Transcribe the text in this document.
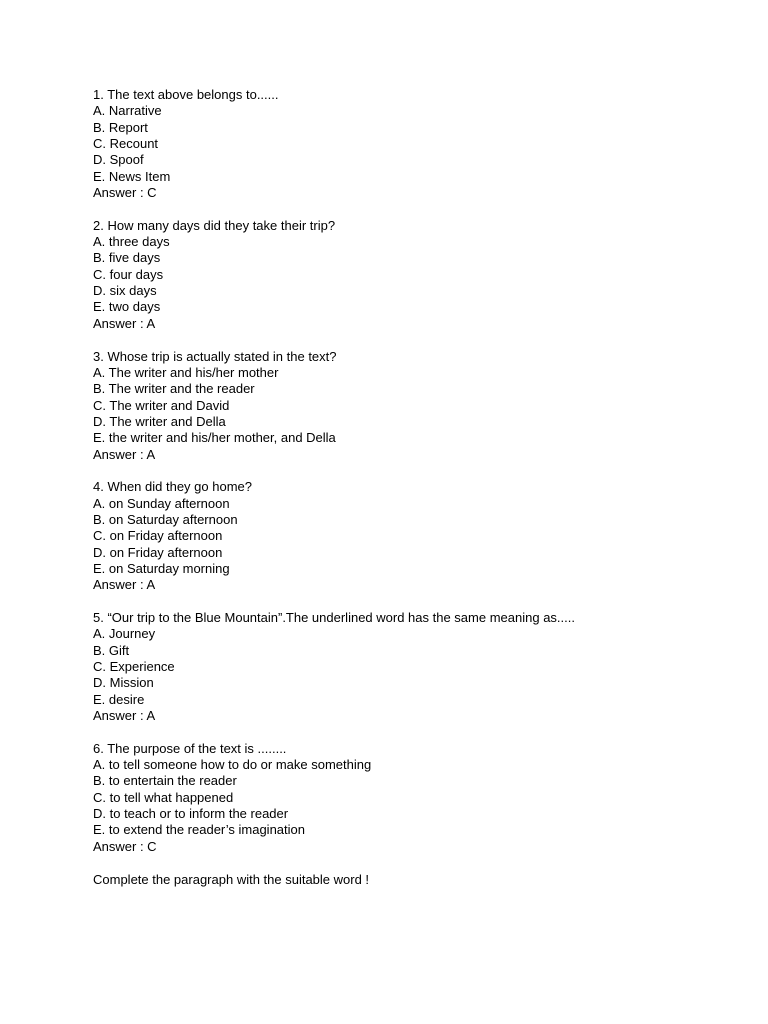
1. The text above belongs to......
A. Narrative
B. Report
C. Recount
D. Spoof
E. News Item
Answer : C
2. How many days did they take their trip?
A. three days
B. five days
C. four days
D. six days
E. two days
Answer : A
3. Whose trip is actually stated in the text?
A. The writer and his/her mother
B. The writer and the reader
C. The writer and David
D. The writer and Della
E. the writer and his/her mother, and Della
Answer : A
4. When did they go home?
A. on Sunday afternoon
B. on Saturday afternoon
C. on Friday afternoon
D. on Friday afternoon
E. on Saturday morning
Answer : A
5. “Our trip to the Blue Mountain”.The underlined word has the same meaning as.....
A. Journey
B. Gift
C. Experience
D. Mission
E. desire
Answer : A
6. The purpose of the text is ........
A. to tell someone how to do or make something
B. to entertain the reader
C. to tell what happened
D. to teach or to inform the reader
E. to extend the reader’s imagination
Answer : C
Complete the paragraph with the suitable word !
